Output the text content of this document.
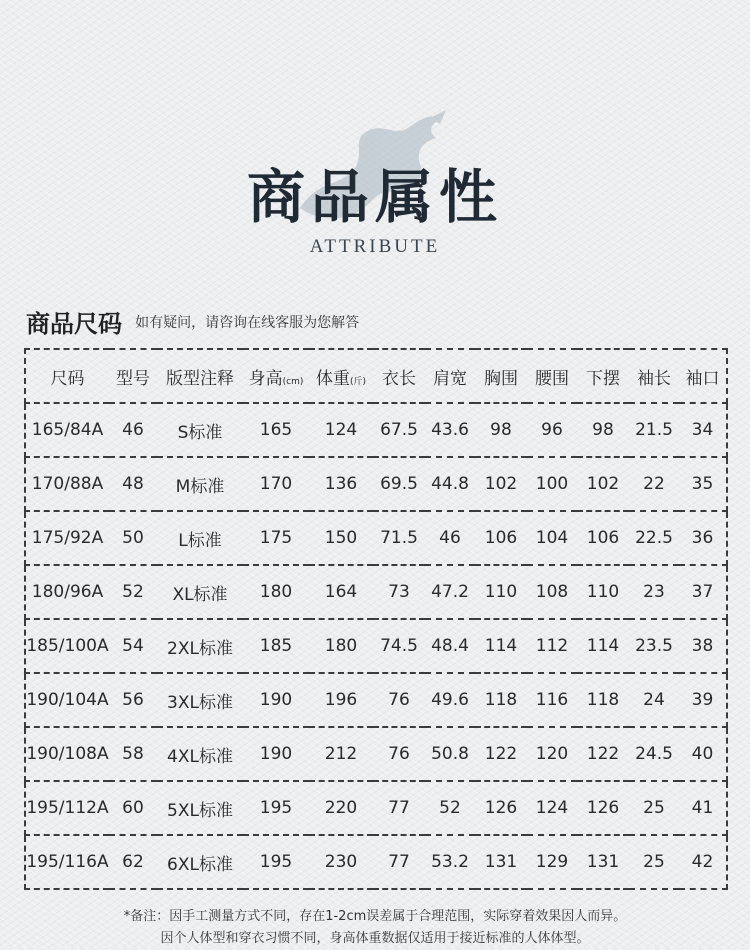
商品属性
ATTRIBUTE
商品尺码 如有疑问，请咨询在线客服为您解答
尺码	型号	版型注释	身高(cm)	体重(斤)	衣长	肩宽	胸围	腰围	下摆	袖长	袖口
165/84A	46	S标准	165	124	67.5	43.6	98	96	98	21.5	34
170/88A	48	M标准	170	136	69.5	44.8	102	100	102	22	35
175/92A	50	L标准	175	150	71.5	46	106	104	106	22.5	36
180/96A	52	XL标准	180	164	73	47.2	110	108	110	23	37
185/100A	54	2XL标准	185	180	74.5	48.4	114	112	114	23.5	38
190/104A	56	3XL标准	190	196	76	49.6	118	116	118	24	39
190/108A	58	4XL标准	190	212	76	50.8	122	120	122	24.5	40
195/112A	60	5XL标准	195	220	77	52	126	124	126	25	41
195/116A	62	6XL标准	195	230	77	53.2	131	129	131	25	42
*备注：因手工测量方式不同，存在1-2cm误差属于合理范围，实际穿着效果因人而异。
因个人体型和穿衣习惯不同，身高体重数据仅适用于接近标准的人体体型。
